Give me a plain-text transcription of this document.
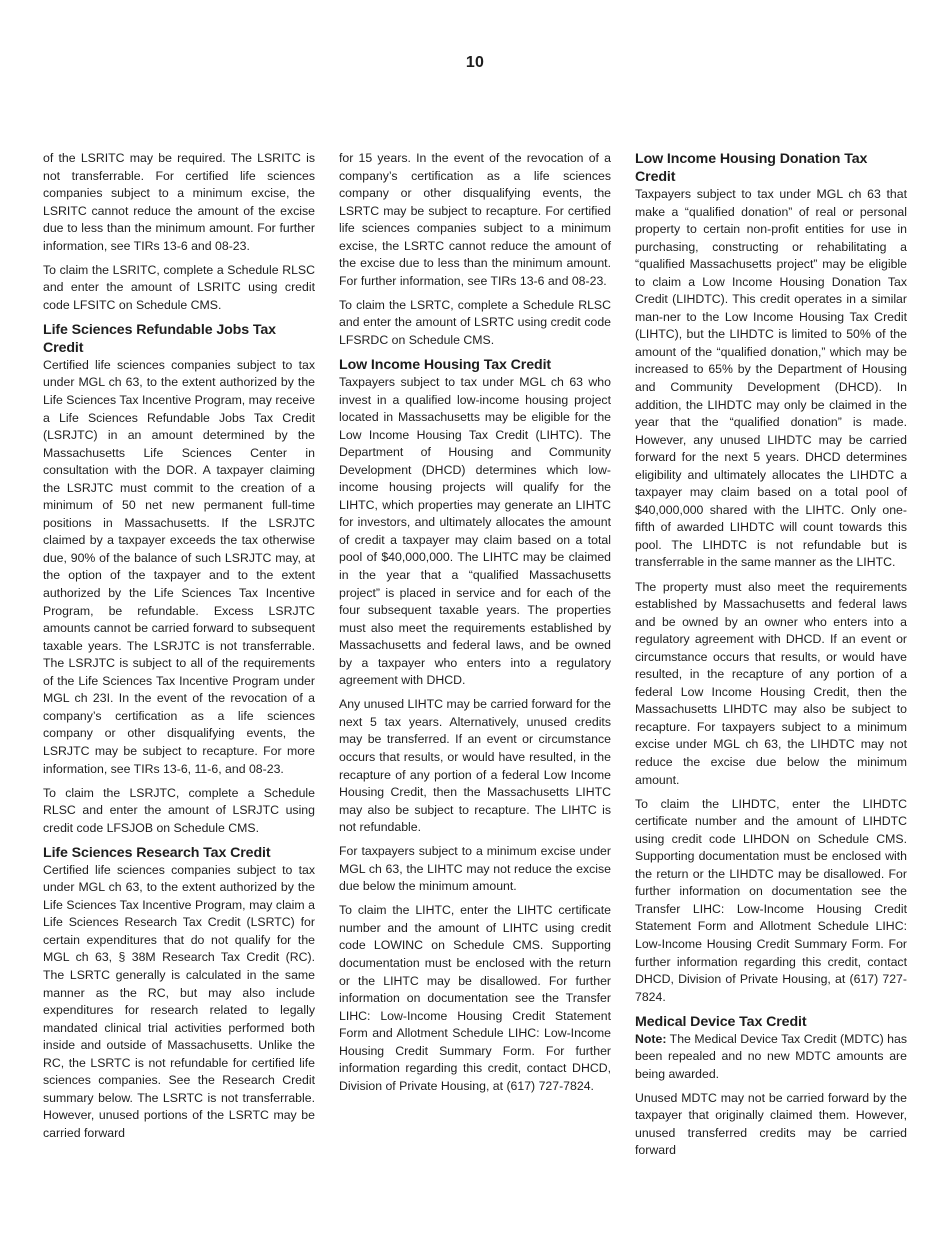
10

of the LSRITC may be required. The LSRITC is not transferrable. For certified life sciences companies subject to a minimum excise, the LSRITC cannot reduce the amount of the excise due to less than the minimum amount. For further information, see TIRs 13-6 and 08-23.

To claim the LSRITC, complete a Schedule RLSC and enter the amount of LSRITC using credit code LFSITC on Schedule CMS.

Life Sciences Refundable Jobs Tax Credit

Certified life sciences companies subject to tax under MGL ch 63, to the extent authorized by the Life Sciences Tax Incentive Program, may receive a Life Sciences Refundable Jobs Tax Credit (LSRJTC) in an amount determined by the Massachusetts Life Sciences Center in consultation with the DOR. A taxpayer claiming the LSRJTC must commit to the creation of a minimum of 50 net new permanent full-time positions in Massachusetts. If the LSRJTC claimed by a taxpayer exceeds the tax otherwise due, 90% of the balance of such LSRJTC may, at the option of the taxpayer and to the extent authorized by the Life Sciences Tax Incentive Program, be refundable. Excess LSRJTC amounts cannot be carried forward to subsequent taxable years. The LSRJTC is not transferrable. The LSRJTC is subject to all of the requirements of the Life Sciences Tax Incentive Program under MGL ch 23I. In the event of the revocation of a company’s certification as a life sciences company or other disqualifying events, the LSRJTC may be subject to recapture. For more information, see TIRs 13-6, 11-6, and 08-23.

To claim the LSRJTC, complete a Schedule RLSC and enter the amount of LSRJTC using credit code LFSJOB on Schedule CMS.

Life Sciences Research Tax Credit

Certified life sciences companies subject to tax under MGL ch 63, to the extent authorized by the Life Sciences Tax Incentive Program, may claim a Life Sciences Research Tax Credit (LSRTC) for certain expenditures that do not qualify for the MGL ch 63, § 38M Research Tax Credit (RC). The LSRTC generally is calculated in the same manner as the RC, but may also include expenditures for research related to legally mandated clinical trial activities performed both inside and outside of Massachusetts. Unlike the RC, the LSRTC is not refundable for certified life sciences companies. See the Research Credit summary below. The LSRTC is not transferrable. However, unused portions of the LSRTC may be carried forward

for 15 years. In the event of the revocation of a company’s certification as a life sciences company or other disqualifying events, the LSRTC may be subject to recapture. For certified life sciences companies subject to a minimum excise, the LSRTC cannot reduce the amount of the excise due to less than the minimum amount. For further information, see TIRs 13-6 and 08-23.

To claim the LSRTC, complete a Schedule RLSC and enter the amount of LSRTC using credit code LFSRDC on Schedule CMS.

Low Income Housing Tax Credit

Taxpayers subject to tax under MGL ch 63 who invest in a qualified low-income housing project located in Massachusetts may be eligible for the Low Income Housing Tax Credit (LIHTC). The Department of Housing and Community Development (DHCD) determines which low-income housing projects will qualify for the LIHTC, which properties may generate an LIHTC for investors, and ultimately allocates the amount of credit a taxpayer may claim based on a total pool of $40,000,000. The LIHTC may be claimed in the year that a “qualified Massachusetts project” is placed in service and for each of the four subsequent taxable years. The properties must also meet the requirements established by Massachusetts and federal laws, and be owned by a taxpayer who enters into a regulatory agreement with DHCD.

Any unused LIHTC may be carried forward for the next 5 tax years. Alternatively, unused credits may be transferred. If an event or circumstance occurs that results, or would have resulted, in the recapture of any portion of a federal Low Income Housing Credit, then the Massachusetts LIHTC may also be subject to recapture. The LIHTC is not refundable.

For taxpayers subject to a minimum excise under MGL ch 63, the LIHTC may not reduce the excise due below the minimum amount.

To claim the LIHTC, enter the LIHTC certificate number and the amount of LIHTC using credit code LOWINC on Schedule CMS. Supporting documentation must be enclosed with the return or the LIHTC may be disallowed. For further information on documentation see the Transfer LIHC: Low-Income Housing Credit Statement Form and Allotment Schedule LIHC: Low-Income Housing Credit Summary Form. For further information regarding this credit, contact DHCD, Division of Private Housing, at (617) 727-7824.

Low Income Housing Donation Tax Credit

Taxpayers subject to tax under MGL ch 63 that make a “qualified donation” of real or personal property to certain non-profit entities for use in purchasing, constructing or rehabilitating a “qualified Massachusetts project” may be eligible to claim a Low Income Housing Donation Tax Credit (LIHDTC). This credit operates in a similar man-ner to the Low Income Housing Tax Credit (LIHTC), but the LIHDTC is limited to 50% of the amount of the “qualified donation,” which may be increased to 65% by the Department of Housing and Community Development (DHCD). In addition, the LIHDTC may only be claimed in the year that the “qualified donation” is made. However, any unused LIHDTC may be carried forward for the next 5 years. DHCD determines eligibility and ultimately allocates the LIHDTC a taxpayer may claim based on a total pool of $40,000,000 shared with the LIHTC. Only one-fifth of awarded LIHDTC will count towards this pool. The LIHDTC is not refundable but is transferrable in the same manner as the LIHTC.

The property must also meet the requirements established by Massachusetts and federal laws and be owned by an owner who enters into a regulatory agreement with DHCD. If an event or circumstance occurs that results, or would have resulted, in the recapture of any portion of a federal Low Income Housing Credit, then the Massachusetts LIHDTC may also be subject to recapture. For taxpayers subject to a minimum excise under MGL ch 63, the LIHDTC may not reduce the excise due below the minimum amount.

To claim the LIHDTC, enter the LIHDTC certificate number and the amount of LIHDTC using credit code LIHDON on Schedule CMS. Supporting documentation must be enclosed with the return or the LIHDTC may be disallowed. For further information on documentation see the Transfer LIHC: Low-Income Housing Credit Statement Form and Allotment Schedule LIHC: Low-Income Housing Credit Summary Form. For further information regarding this credit, contact DHCD, Division of Private Housing, at (617) 727-7824.

Medical Device Tax Credit

Note: The Medical Device Tax Credit (MDTC) has been repealed and no new MDTC amounts are being awarded.

Unused MDTC may not be carried forward by the taxpayer that originally claimed them. However, unused transferred credits may be carried forward
